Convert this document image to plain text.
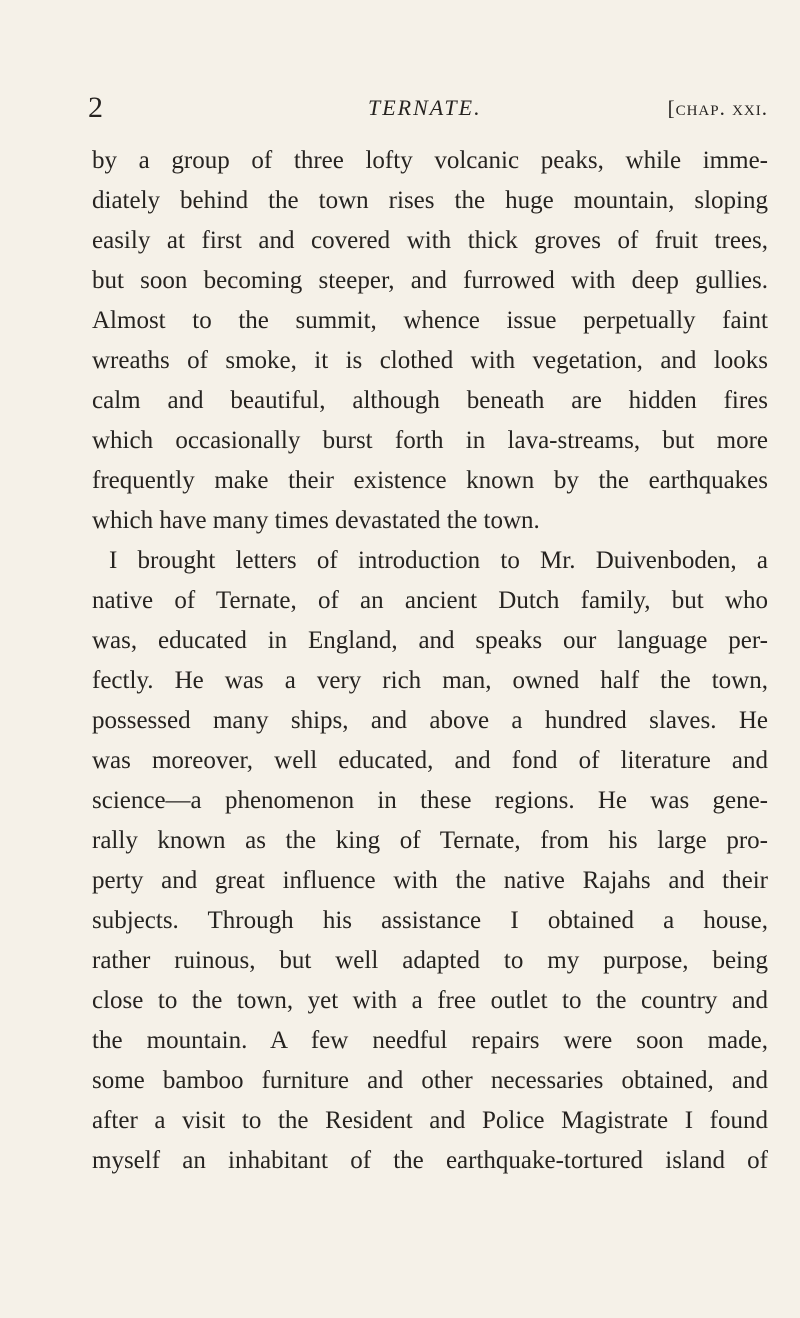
2	TERNATE.	[chap. xxi.
by a group of three lofty volcanic peaks, while imme-
diately behind the town rises the huge mountain, sloping
easily at first and covered with thick groves of fruit trees,
but soon becoming steeper, and furrowed with deep gullies.
Almost to the summit, whence issue perpetually faint
wreaths of smoke, it is clothed with vegetation, and looks
calm and beautiful, although beneath are hidden fires
which occasionally burst forth in lava-streams, but more
frequently make their existence known by the earthquakes
which have many times devastated the town.
I brought letters of introduction to Mr. Duivenboden, a
native of Ternate, of an ancient Dutch family, but who
was, educated in England, and speaks our language per-
fectly. He was a very rich man, owned half the town,
possessed many ships, and above a hundred slaves. He
was moreover, well educated, and fond of literature and
science—a phenomenon in these regions. He was gene-
rally known as the king of Ternate, from his large pro-
perty and great influence with the native Rajahs and their
subjects. Through his assistance I obtained a house,
rather ruinous, but well adapted to my purpose, being
close to the town, yet with a free outlet to the country and
the mountain. A few needful repairs were soon made,
some bamboo furniture and other necessaries obtained, and
after a visit to the Resident and Police Magistrate I found
myself an inhabitant of the earthquake-tortured island of
